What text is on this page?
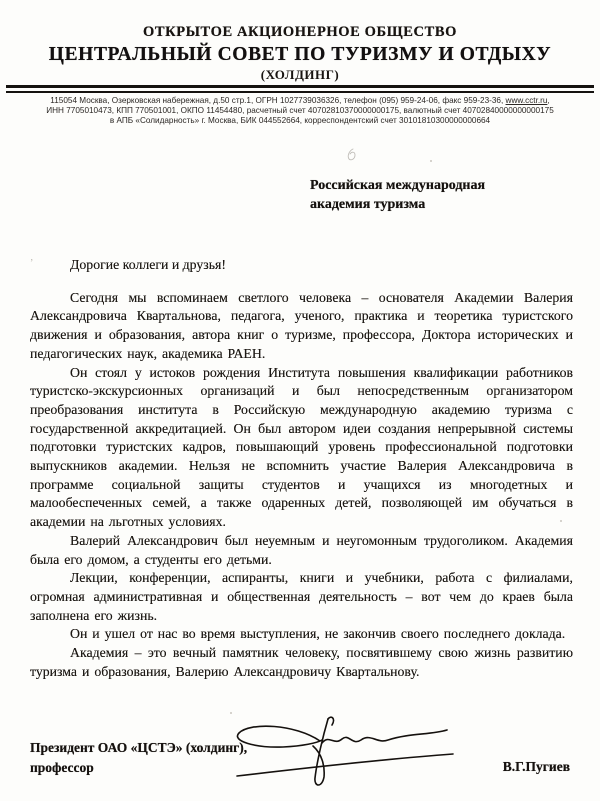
ОТКРЫТОЕ АКЦИОНЕРНОЕ ОБЩЕСТВО
ЦЕНТРАЛЬНЫЙ СОВЕТ ПО ТУРИЗМУ И ОТДЫХУ
(ХОЛДИНГ)
115054 Москва, Озерковская набережная, д.50 стр.1, ОГРН 1027739036326, телефон (095) 959-24-06, факс 959-23-36, www.cctr.ru,
ИНН 7705010473, КПП 770501001, ОКПО 11454480, расчетный счет 40702810370000000175, валютный счет 40702840000000000175
в АПБ «Солидарность» г. Москва, БИК 044552664, корреспондентский счет 30101810300000000664
Российская международная
академия туризма
’	Дорогие коллеги и друзья!

Сегодня мы вспоминаем светлого человека – основателя Академии Валерия Александровича Квартальнова, педагога, ученого, практика и теоретика туристского движения и образования, автора книг о туризме, профессора, Доктора исторических и педагогических наук, академика РАЕН.

Он стоял у истоков рождения Института повышения квалификации работников туристско-экскурсионных организаций и был непосредственным организатором преобразования института в Российскую международную академию туризма с государственной аккредитацией. Он был автором идеи создания непрерывной системы подготовки туристских кадров, повышающий уровень профессиональной подготовки выпускников академии. Нельзя не вспомнить участие Валерия Александровича в программе социальной защиты студентов и учащихся из многодетных и малообеспеченных семей, а также одаренных детей, позволяющей им обучаться в академии на льготных условиях.

Валерий Александрович был неуемным и неугомонным трудоголиком. Академия была его домом, а студенты его детьми.

Лекции, конференции, аспиранты, книги и учебники, работа с филиалами, огромная административная и общественная деятельность – вот чем до краев была заполнена его жизнь.

Он и ушел от нас во время выступления, не закончив своего последнего доклада.

Академия – это вечный памятник человеку, посвятившему свою жизнь развитию туризма и образования, Валерию Александровичу Квартальнову.

Президент ОАО «ЦСТЭ» (холдинг),
профессор	В.Г.Пугиев
